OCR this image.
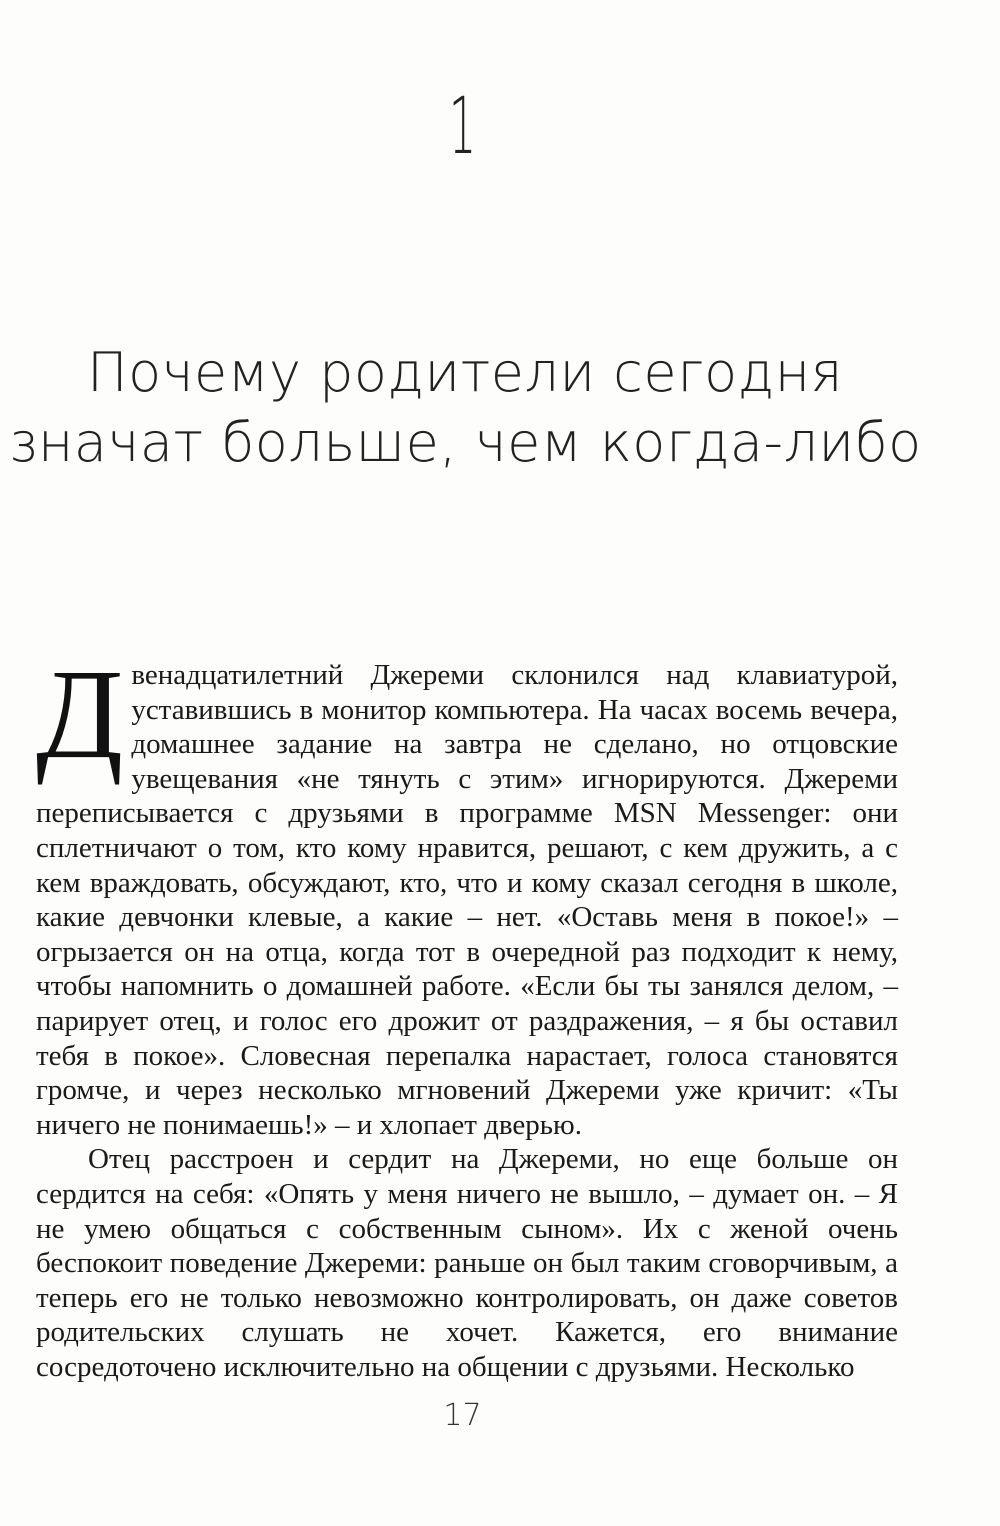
1
Почему родители сегодня
значат больше, чем когда-либо

Двенадцатилетний Джереми склонился над клавиатурой, уставившись в монитор компьютера. На часах восемь вечера, домашнее задание на завтра не сделано, но отцовские увещевания «не тянуть с этим» игнорируются. Джереми переписывается с друзьями в программе MSN Messenger: они сплетничают о том, кто кому нравится, решают, с кем дружить, а с кем враждовать, обсуждают, кто, что и кому сказал сегодня в школе, какие девчонки клевые, а какие – нет. «Оставь меня в покое!» – огрызается он на отца, когда тот в очередной раз подходит к нему, чтобы напомнить о домашней работе. «Если бы ты занялся делом, – парирует отец, и голос его дрожит от раздражения, – я бы оставил тебя в покое». Словесная перепалка нарастает, голоса становятся громче, и через несколько мгновений Джереми уже кричит: «Ты ничего не понимаешь!» – и хлопает дверью.

Отец расстроен и сердит на Джереми, но еще больше он сердится на себя: «Опять у меня ничего не вышло, – думает он. – Я не умею общаться с собственным сыном». Их с женой очень беспокоит поведение Джереми: раньше он был таким сговорчивым, а теперь его не только невозможно контролировать, он даже советов родительских слушать не хочет. Кажется, его внимание сосредоточено исключительно на общении с друзьями. Несколько

17
